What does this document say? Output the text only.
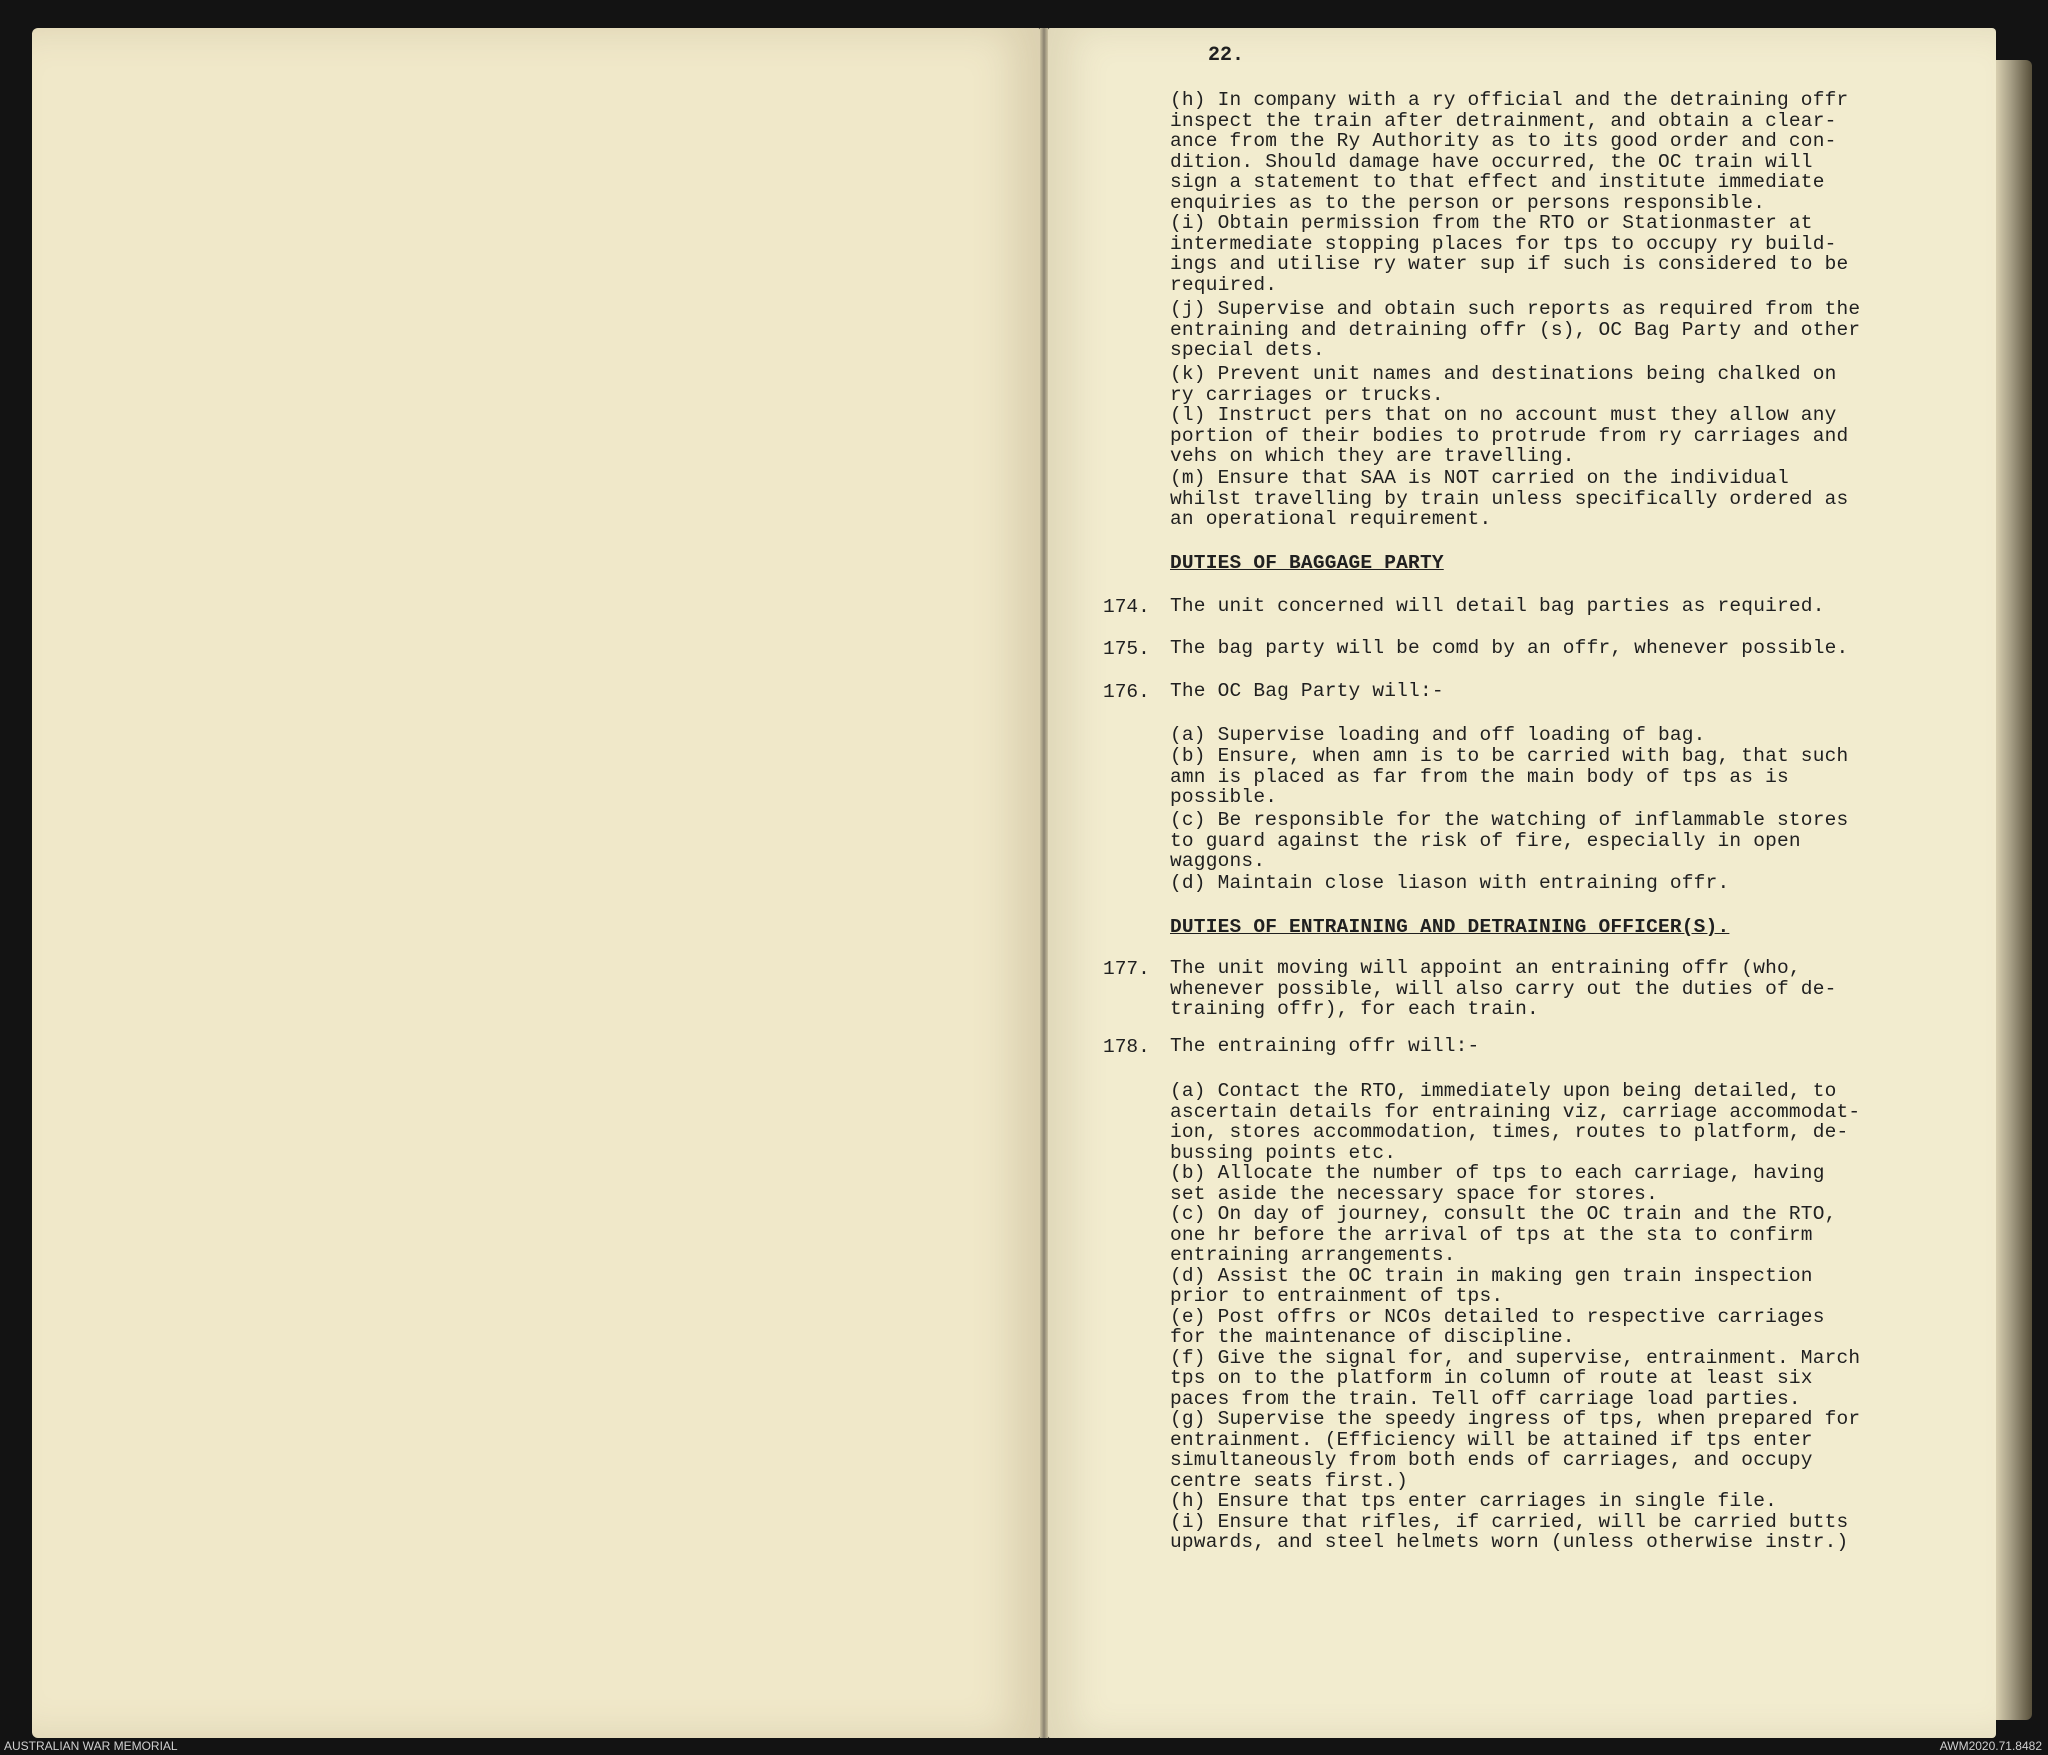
22.
(h) In company with a ry official and the detraining offr
inspect the train after detrainment, and obtain a clear-
ance from the Ry Authority as to its good order and con-
dition. Should damage have occurred, the OC train will
sign a statement to that effect and institute immediate
enquiries as to the person or persons responsible.
(i) Obtain permission from the RTO or Stationmaster at
intermediate stopping places for tps to occupy ry build-
ings and utilise ry water sup if such is considered to be
required.
(j) Supervise and obtain such reports as required from the
entraining and detraining offr (s), OC Bag Party and other
special dets.
(k) Prevent unit names and destinations being chalked on
ry carriages or trucks.
(l) Instruct pers that on no account must they allow any
portion of their bodies to protrude from ry carriages and
vehs on which they are travelling.
(m) Ensure that SAA is NOT carried on the individual
whilst travelling by train unless specifically ordered as
an operational requirement.
DUTIES OF BAGGAGE PARTY
174. The unit concerned will detail bag parties as required.
175. The bag party will be comd by an offr, whenever possible.
176. The OC Bag Party will:-
(a) Supervise loading and off loading of bag.
(b) Ensure, when amn is to be carried with bag, that such
amn is placed as far from the main body of tps as is
possible.
(c) Be responsible for the watching of inflammable stores
to guard against the risk of fire, especially in open
waggons.
(d) Maintain close liason with entraining offr.
DUTIES OF ENTRAINING AND DETRAINING OFFICER(S).
177. The unit moving will appoint an entraining offr (who,
whenever possible, will also carry out the duties of de-
training offr), for each train.
178. The entraining offr will:-
(a) Contact the RTO, immediately upon being detailed, to
ascertain details for entraining viz, carriage accommodat-
ion, stores accommodation, times, routes to platform, de-
bussing points etc.
(b) Allocate the number of tps to each carriage, having
set aside the necessary space for stores.
(c) On day of journey, consult the OC train and the RTO,
one hr before the arrival of tps at the sta to confirm
entraining arrangements.
(d) Assist the OC train in making gen train inspection
prior to entrainment of tps.
(e) Post offrs or NCOs detailed to respective carriages
for the maintenance of discipline.
(f) Give the signal for, and supervise, entrainment. March
tps on to the platform in column of route at least six
paces from the train. Tell off carriage load parties.
(g) Supervise the speedy ingress of tps, when prepared for
entrainment. (Efficiency will be attained if tps enter
simultaneously from both ends of carriages, and occupy
centre seats first.)
(h) Ensure that tps enter carriages in single file.
(i) Ensure that rifles, if carried, will be carried butts
upwards, and steel helmets worn (unless otherwise instr.)
AUSTRALIAN WAR MEMORIAL	AWM2020.71.8482
